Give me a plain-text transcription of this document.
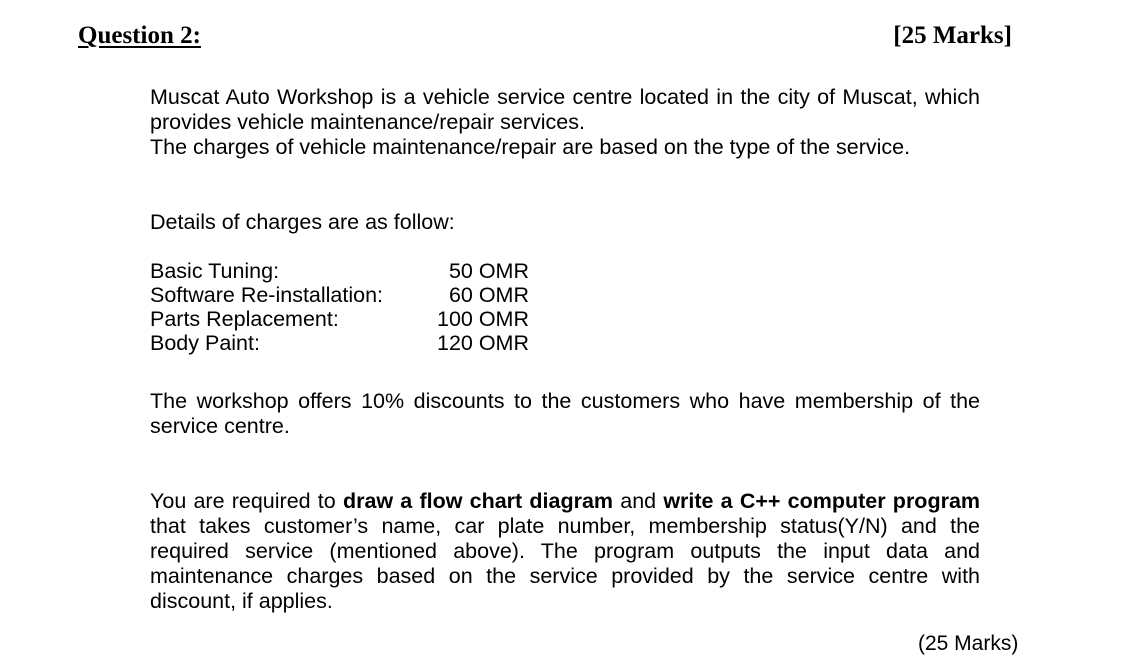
Question 2:	[25 Marks]

Muscat Auto Workshop is a vehicle service centre located in the city of Muscat, which provides vehicle maintenance/repair services.

The charges of vehicle maintenance/repair are based on the type of the service.

Details of charges are as follow:
Basic Tuning:	50 OMR
Software Re-installation:	60 OMR
Parts Replacement:	100 OMR
Body Paint:	120 OMR

The workshop offers 10% discounts to the customers who have membership of the service centre.

You are required to draw a flow chart diagram and write a C++ computer program that takes customer’s name, car plate number, membership status(Y/N) and the required service (mentioned above). The program outputs the input data and maintenance charges based on the service provided by the service centre with discount, if applies.

(25 Marks)
